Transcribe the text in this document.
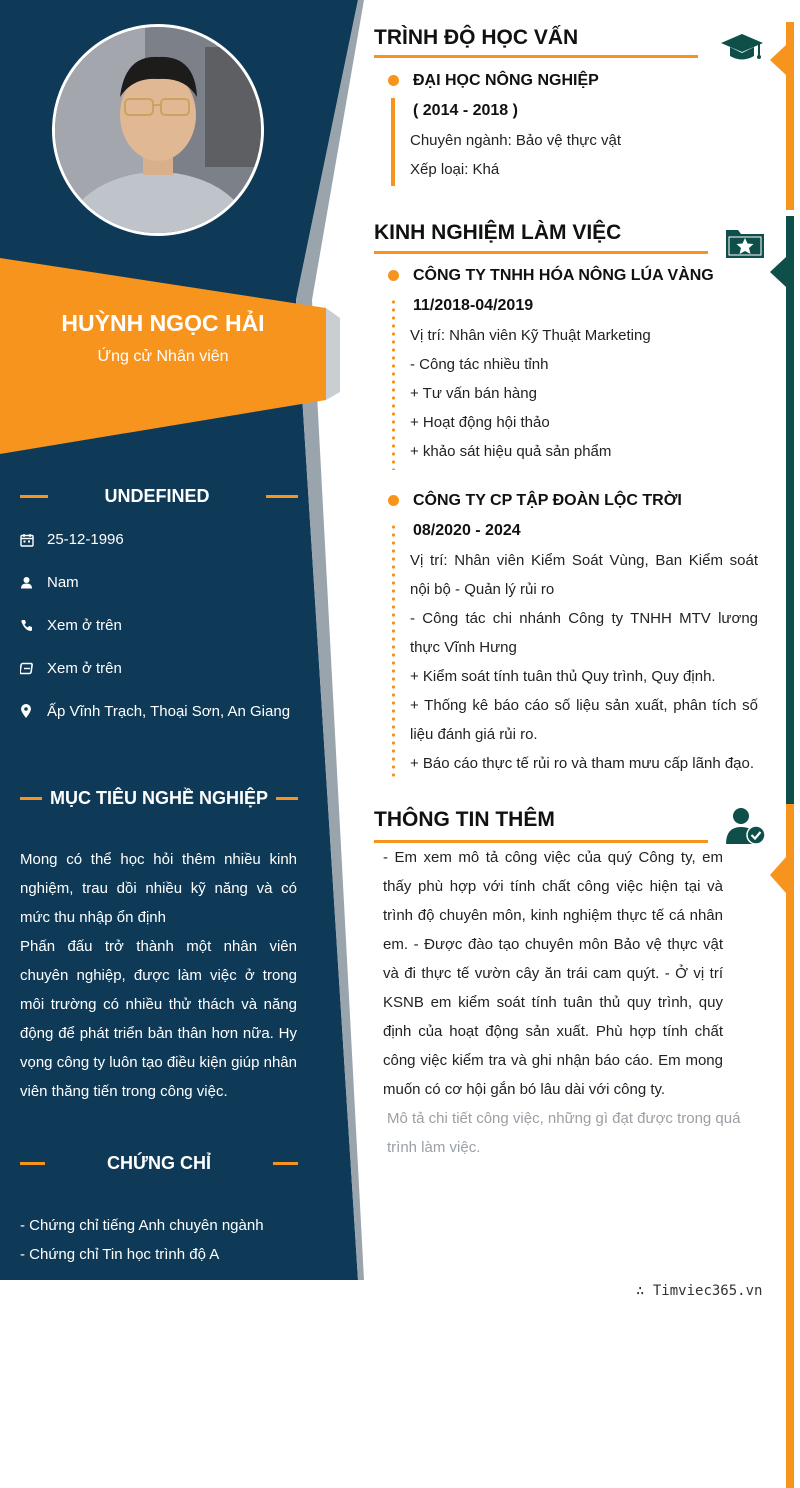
HUỲNH NGỌC HẢI
Ứng cử Nhân viên
UNDEFINED
25-12-1996
Nam
Xem ở trên
Xem ở trên
Ấp Vĩnh Trạch, Thoại Sơn, An Giang
MỤC TIÊU NGHỀ NGHIỆP
Mong có thể học hỏi thêm nhiều kinh nghiệm, trau dồi nhiều kỹ năng và có mức thu nhập ổn định
Phấn đấu trở thành một nhân viên chuyên nghiệp, được làm việc ở trong môi trường có nhiều thử thách và năng động để phát triển bản thân hơn nữa. Hy vọng công ty luôn tạo điều kiện giúp nhân viên thăng tiến trong công việc.
CHỨNG CHỈ
- Chứng chỉ tiếng Anh chuyên ngành
- Chứng chỉ Tin học trình độ A
TRÌNH ĐỘ HỌC VẤN
ĐẠI HỌC NÔNG NGHIỆP
( 2014 - 2018 )
Chuyên ngành: Bảo vệ thực vật
Xếp loại: Khá
KINH NGHIỆM LÀM VIỆC
CÔNG TY TNHH HÓA NÔNG LÚA VÀNG
11/2018-04/2019
Vị trí: Nhân viên Kỹ Thuật Marketing
- Công tác nhiều tỉnh
+ Tư vấn bán hàng
+ Hoạt động hội thảo
+ khảo sát hiệu quả sản phẩm
CÔNG TY CP TẬP ĐOÀN LỘC TRỜI
08/2020 - 2024
Vị trí: Nhân viên Kiểm Soát Vùng, Ban Kiểm soát nội bộ - Quản lý rủi ro
- Công tác chi nhánh Công ty TNHH MTV lương thực Vĩnh Hưng
+ Kiểm soát tính tuân thủ Quy trình, Quy định.
+ Thống kê báo cáo số liệu sản xuất, phân tích số liệu đánh giá rủi ro.
+ Báo cáo thực tế rủi ro và tham mưu cấp lãnh đạo.
THÔNG TIN THÊM
- Em xem mô tả công việc của quý Công ty, em thấy phù hợp với tính chất công việc hiện tại và trình độ chuyên môn, kinh nghiệm thực tế cá nhân em. - Được đào tạo chuyên môn Bảo vệ thực vật và đi thực tế vườn cây ăn trái cam quýt. - Ở vị trí KSNB em kiểm soát tính tuân thủ quy trình, quy định của hoạt động sản xuất. Phù hợp tính chất công việc kiểm tra và ghi nhận báo cáo. Em mong muốn có cơ hội gắn bó lâu dài với công ty.
Mô tả chi tiết công việc, những gì đạt được trong quá trình làm việc.
∴ Timviec365.vn
